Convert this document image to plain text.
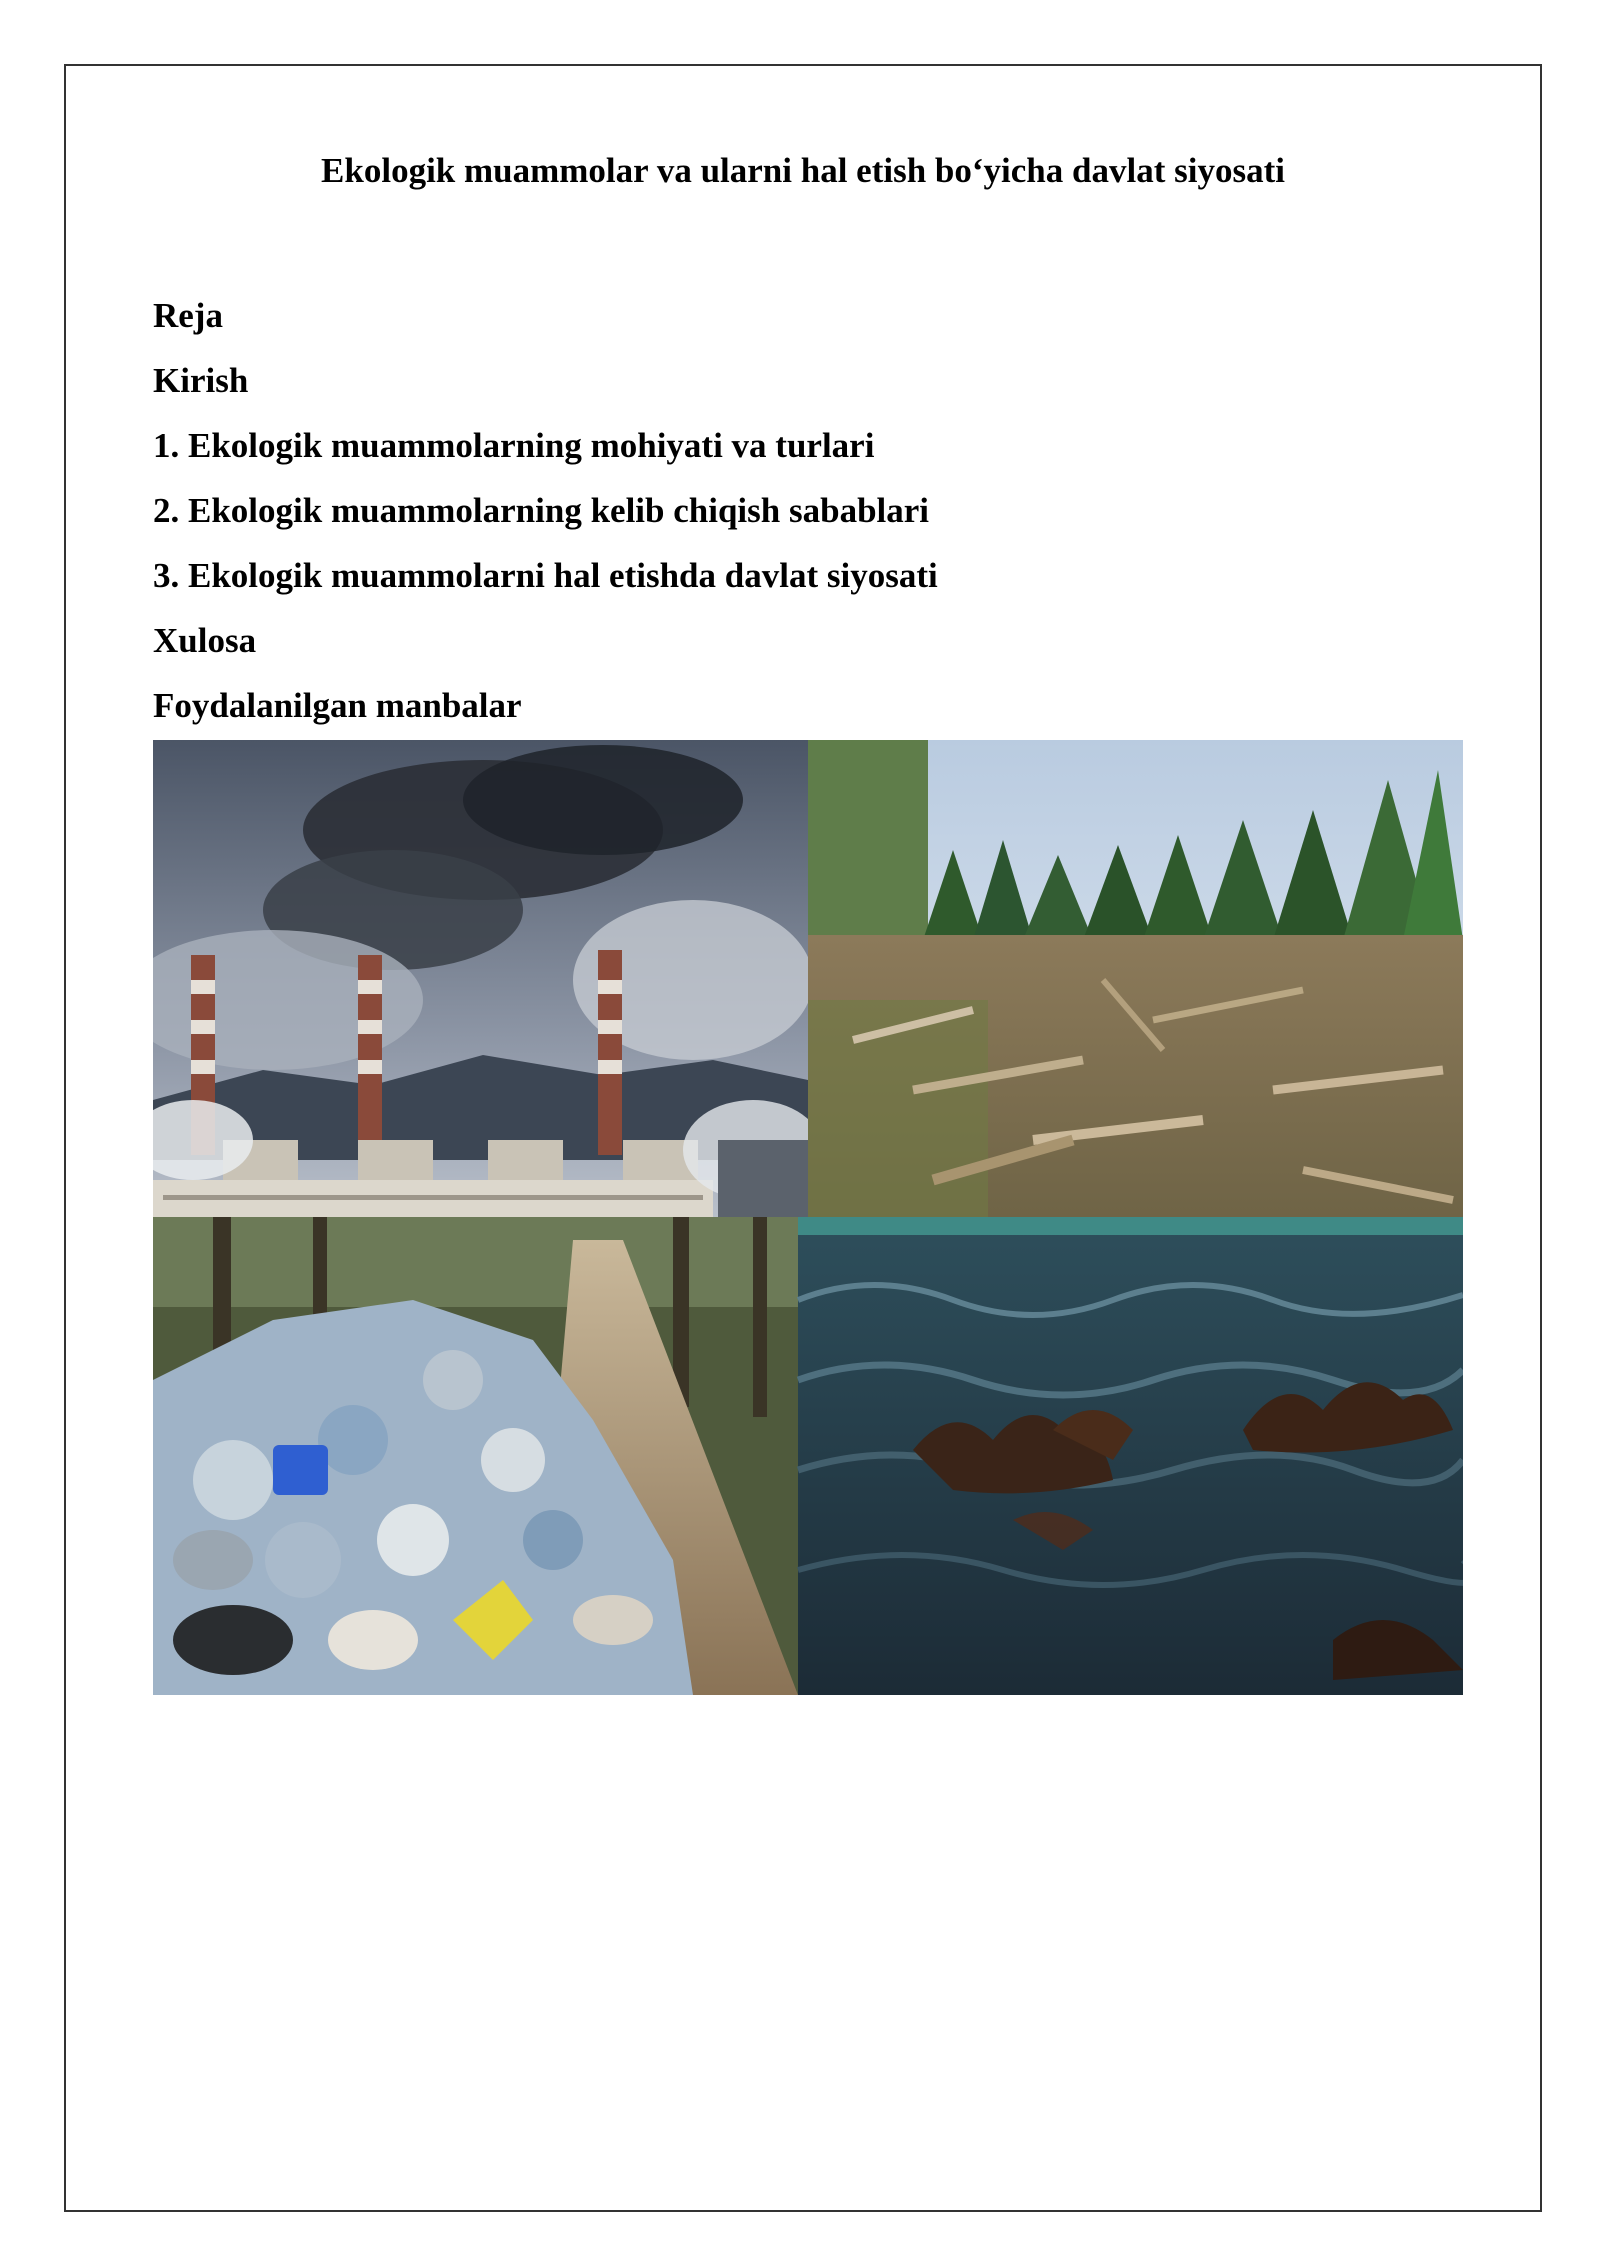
Ekologik muammolar va ularni hal etish bo‘yicha davlat siyosati
Reja
Kirish
1. Ekologik muammolarning mohiyati va turlari
2. Ekologik muammolarning kelib chiqish sabablari
3. Ekologik muammolarni hal etishda davlat siyosati
Xulosa
Foydalanilgan manbalar
